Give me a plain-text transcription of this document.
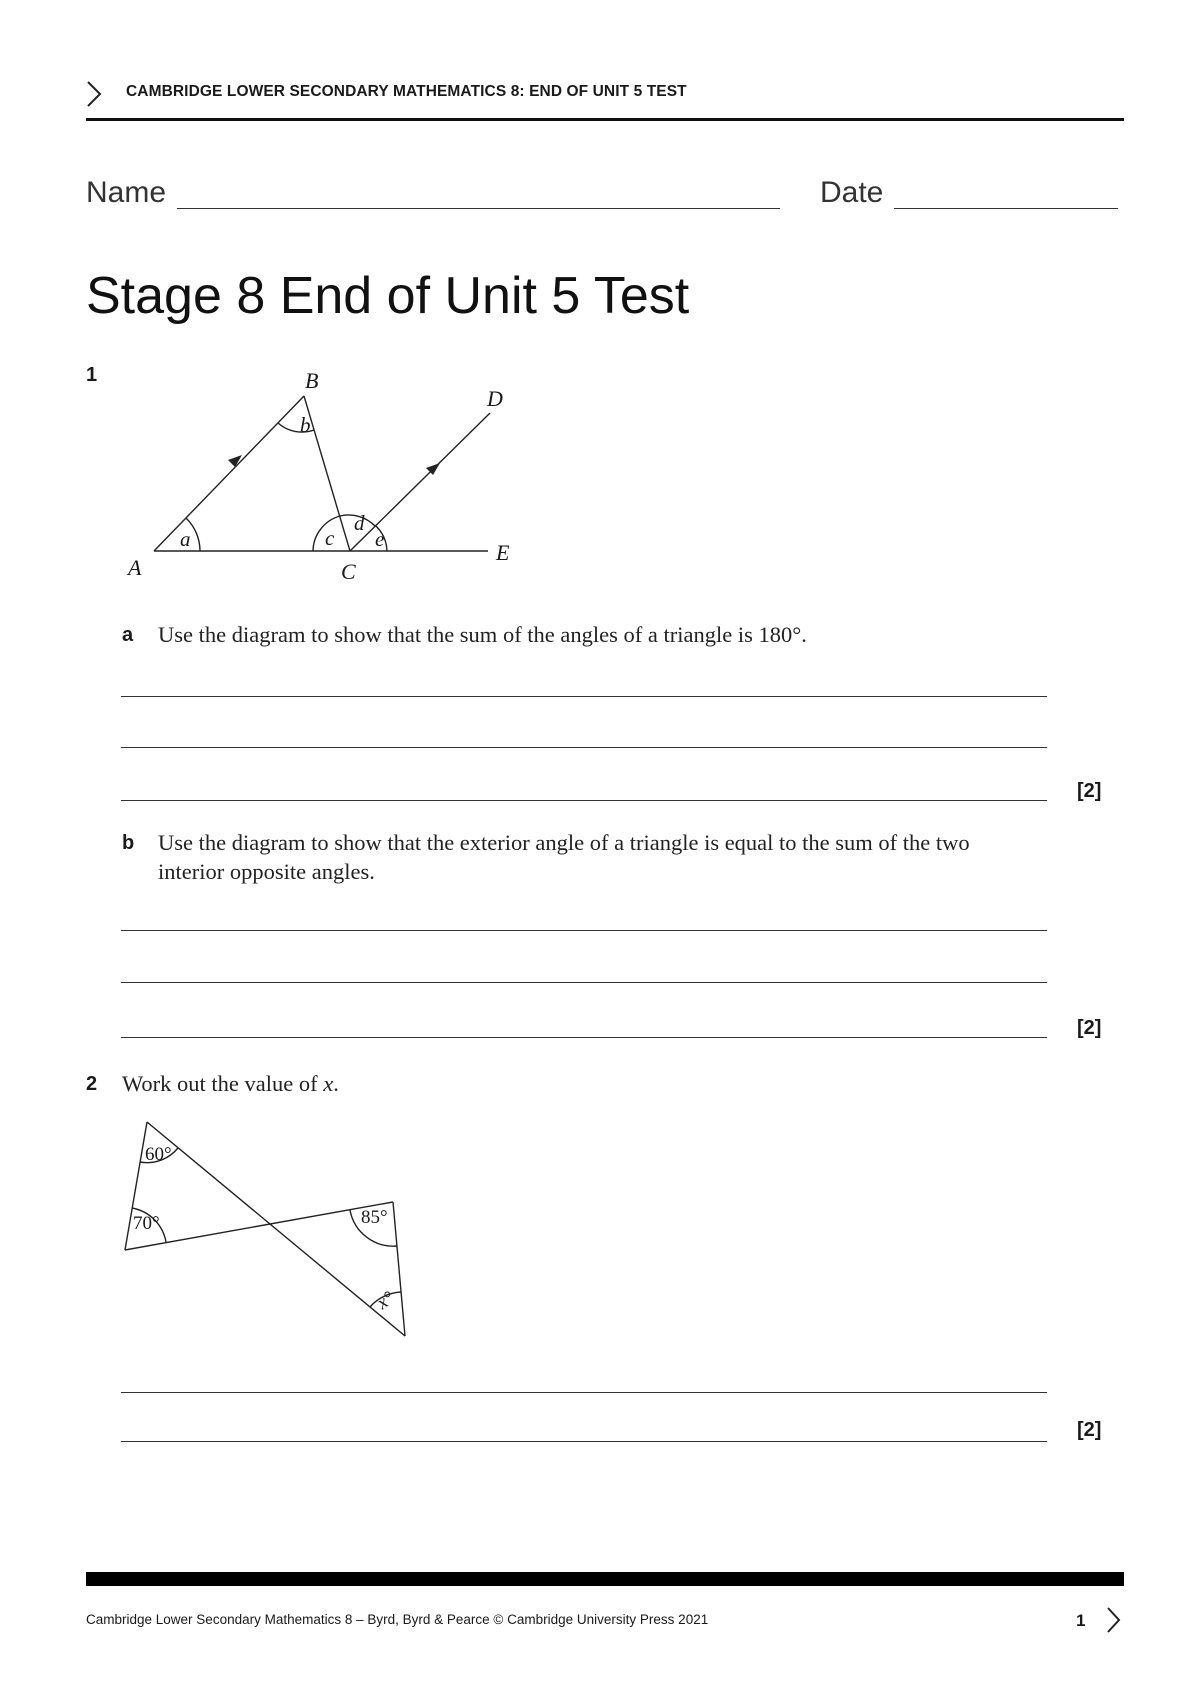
CAMBRIDGE LOWER SECONDARY MATHEMATICS 8: END OF UNIT 5 TEST
Name	Date
Stage 8 End of Unit 5 Test
1	B
D
A	C
E
a
b
c
d
e
a Use the diagram to show that the sum of the angles of a triangle is 180°.
[2]
b Use the diagram to show that the exterior angle of a triangle is equal to the sum of the two interior opposite angles.
[2]
2 Work out the value of x.
60°
70°	85°
x°
[2]
Cambridge Lower Secondary Mathematics 8 – Byrd, Byrd & Pearce © Cambridge University Press 2021	1
